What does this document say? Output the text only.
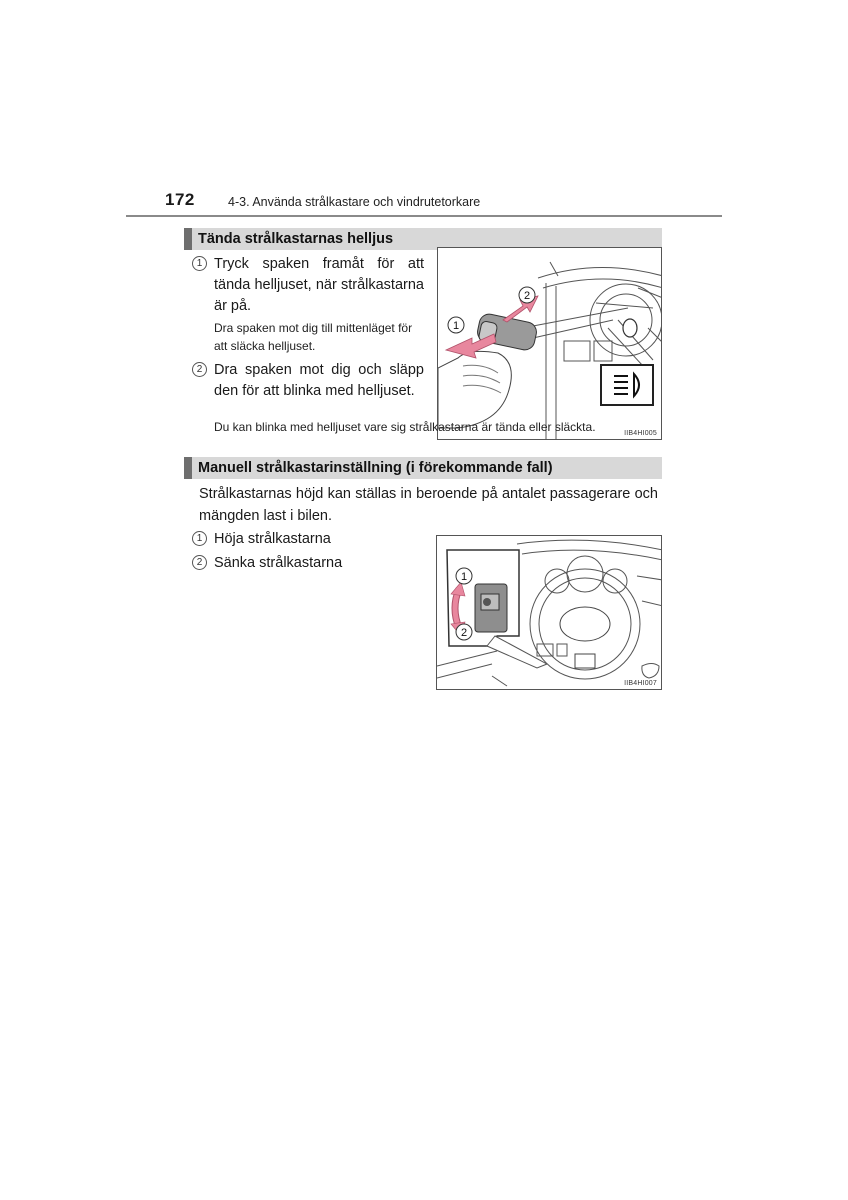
172	4-3. Använda strålkastare och vindrutetorkare
Tända strålkastarnas helljus
1 Tryck spaken framåt för att tända helljuset, när strålkastarna är på.
Dra spaken mot dig till mittenläget för att släcka helljuset.
2 Dra spaken mot dig och släpp den för att blinka med helljuset.
1
2
IIB4HI005
Du kan blinka med helljuset vare sig strålkastarna är tända eller släckta.
Manuell strålkastarinställning (i förekommande fall)
Strålkastarnas höjd kan ställas in beroende på antalet passagerare och mängden last i bilen.
1 Höja strålkastarna
2 Sänka strålkastarna
1
2
IIB4HI007
